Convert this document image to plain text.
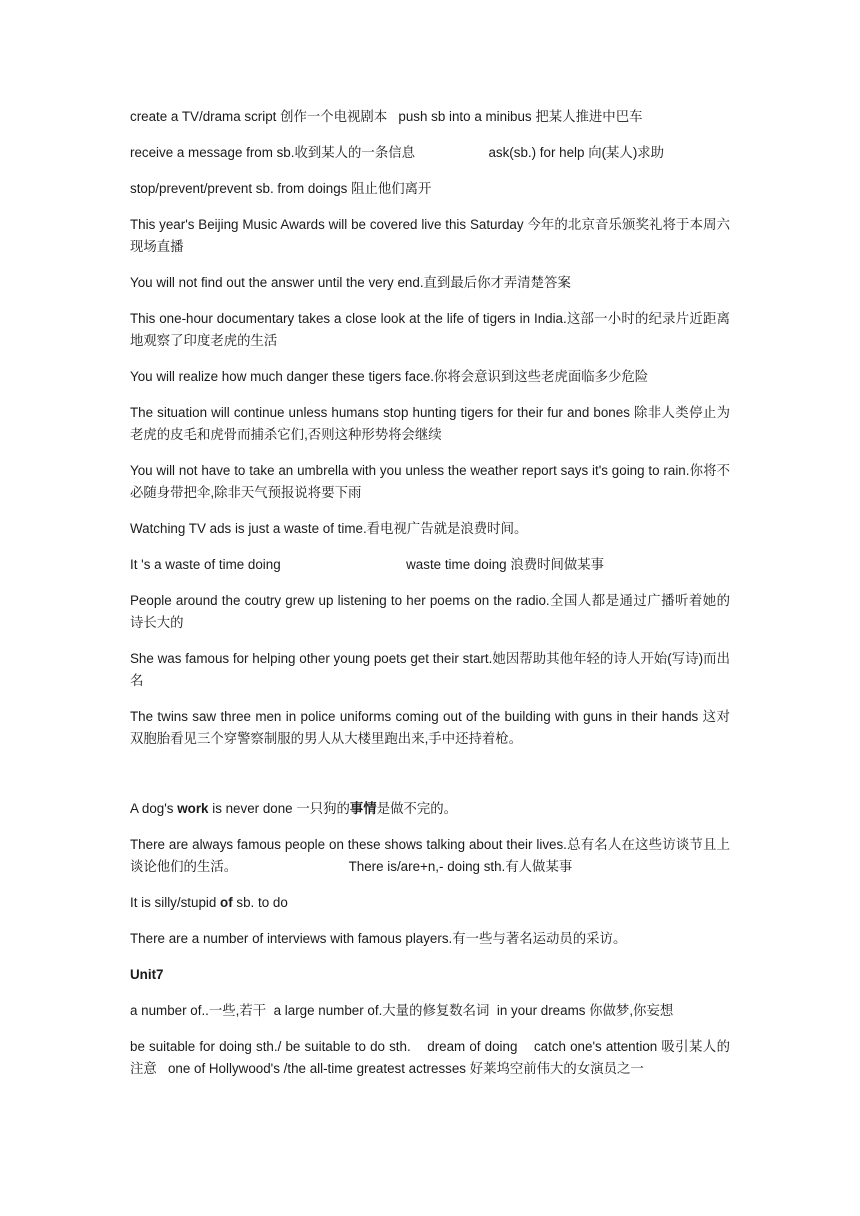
create a TV/drama script 创作一个电视剧本 push sb into a minibus 把某人推进中巴车

receive a message from sb.收到某人的一条信息	ask(sb.) for help 向(某人)求助

stop/prevent/prevent sb. from doings 阻止他们离开

This year's Beijing Music Awards will be covered live this Saturday 今年的北京音乐颁奖礼将于本周六现场直播

You will not find out the answer until the very end.直到最后你才弄清楚答案

This one-hour documentary takes a close look at the life of tigers in India.这部一小时的纪录片近距离地观察了印度老虎的生活

You will realize how much danger these tigers face.你将会意识到这些老虎面临多少危险

The situation will continue unless humans stop hunting tigers for their fur and bones 除非人类停止为老虎的皮毛和虎骨而捕杀它们,否则这种形势将会继续

You will not have to take an umbrella with you unless the weather report says it's going to rain.你将不必随身带把伞,除非天气预报说将要下雨

Watching TV ads is just a waste of time.看电视广告就是浪费时间。

It 's a waste of time doing	waste time doing 浪费时间做某事

People around the coutry grew up listening to her poems on the radio.全国人都是通过广播听着她的诗长大的

She was famous for helping other young poets get their start.她因帮助其他年轻的诗人开始(写诗)而出名

The twins saw three men in police uniforms coming out of the building with guns in their hands 这对双胞胎看见三个穿警察制服的男人从大楼里跑出来,手中还持着枪。

A dog's work is never done 一只狗的事情是做不完的。

There are always famous people on these shows talking about their lives.总有名人在这些访谈节且上谈论他们的生活。	There is/are+n,- doing sth.有人做某事

It is silly/stupid of sb. to do

There are a number of interviews with famous players.有一些与著名运动员的采访。

Unit7

a number of..一些,若干  a large number of.大量的修复数名词  in your dreams 你做梦,你妄想

be suitable for doing sth./ be suitable to do sth.    dream of doing    catch one's attention 吸引某人的注意   one of Hollywood's /the all-time greatest actresses 好莱坞空前伟大的女演员之一
